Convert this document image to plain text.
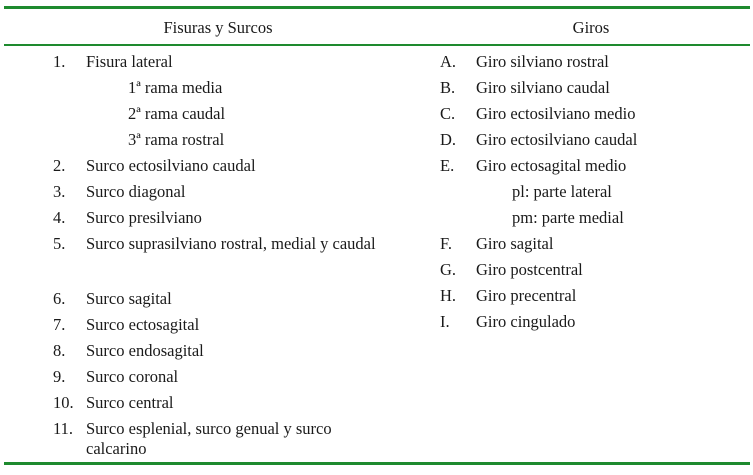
Fisuras y Surcos	Giros
1. Fisura lateral
1ª rama media
2ª rama caudal
3ª rama rostral
2. Surco ectosilviano caudal
3. Surco diagonal
4. Surco presilviano
5. Surco suprasilviano rostral, medial y caudal
6. Surco sagital
7. Surco ectosagital
8. Surco endosagital
9. Surco coronal
10. Surco central
11. Surco esplenial, surco genual y surco calcarino
A. Giro silviano rostral
B. Giro silviano caudal
C. Giro ectosilviano medio
D. Giro ectosilviano caudal
E. Giro ectosagital medio
pl: parte lateral
pm: parte medial
F. Giro sagital
G. Giro postcentral
H. Giro precentral
I. Giro cingulado
